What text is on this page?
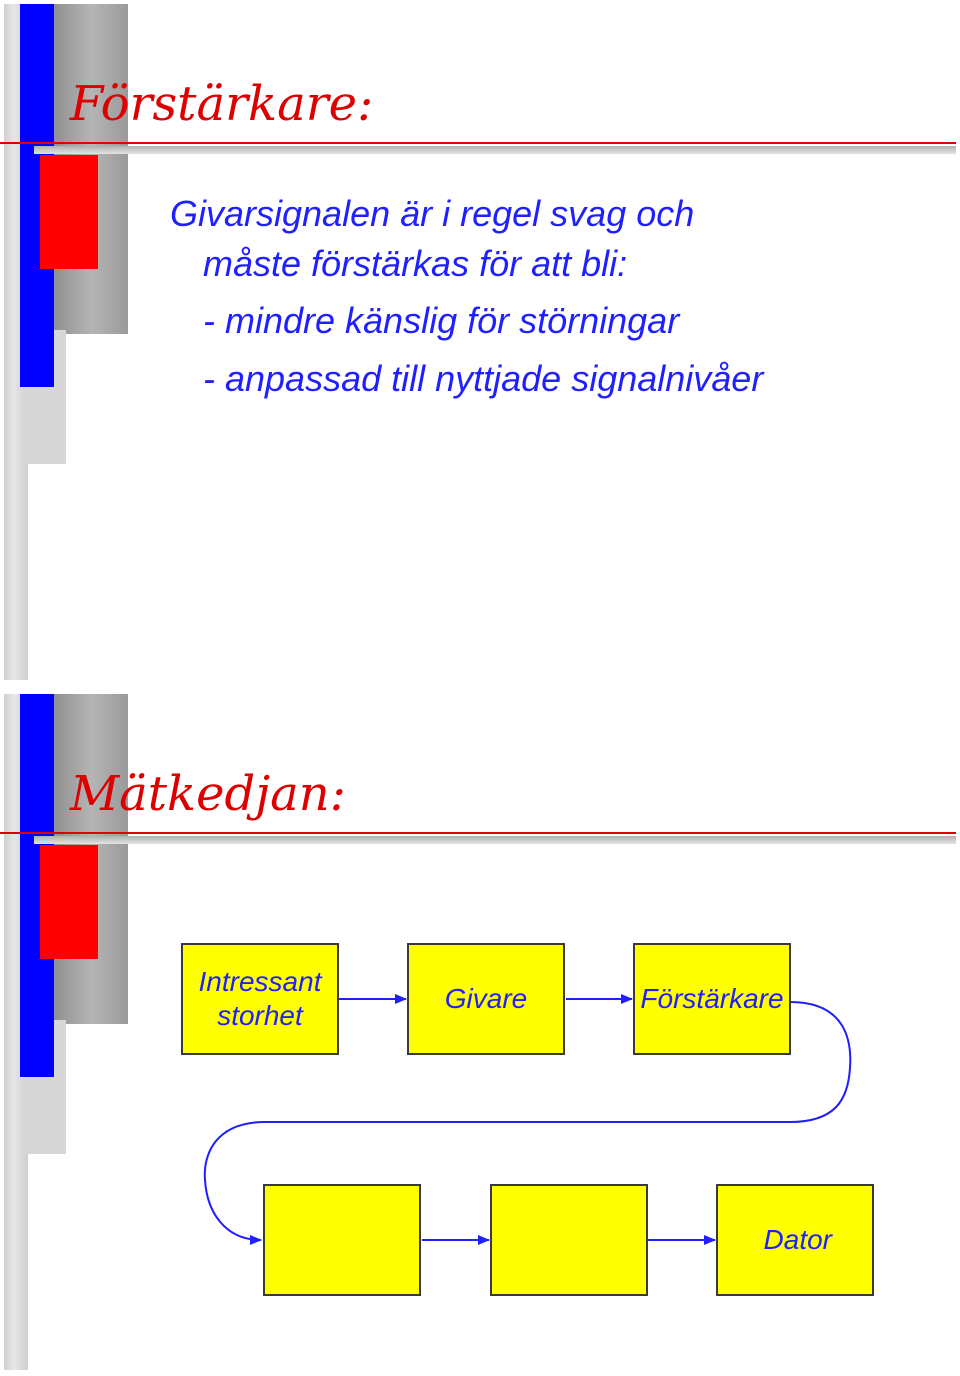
Förstärkare:
Givarsignalen är i regel svag och
måste förstärkas för att bli:
- mindre känslig för störningar
- anpassad till nyttjade signalnivåer
Mätkedjan:
Intressant
storhet
Givare	Förstärkare
Dator
